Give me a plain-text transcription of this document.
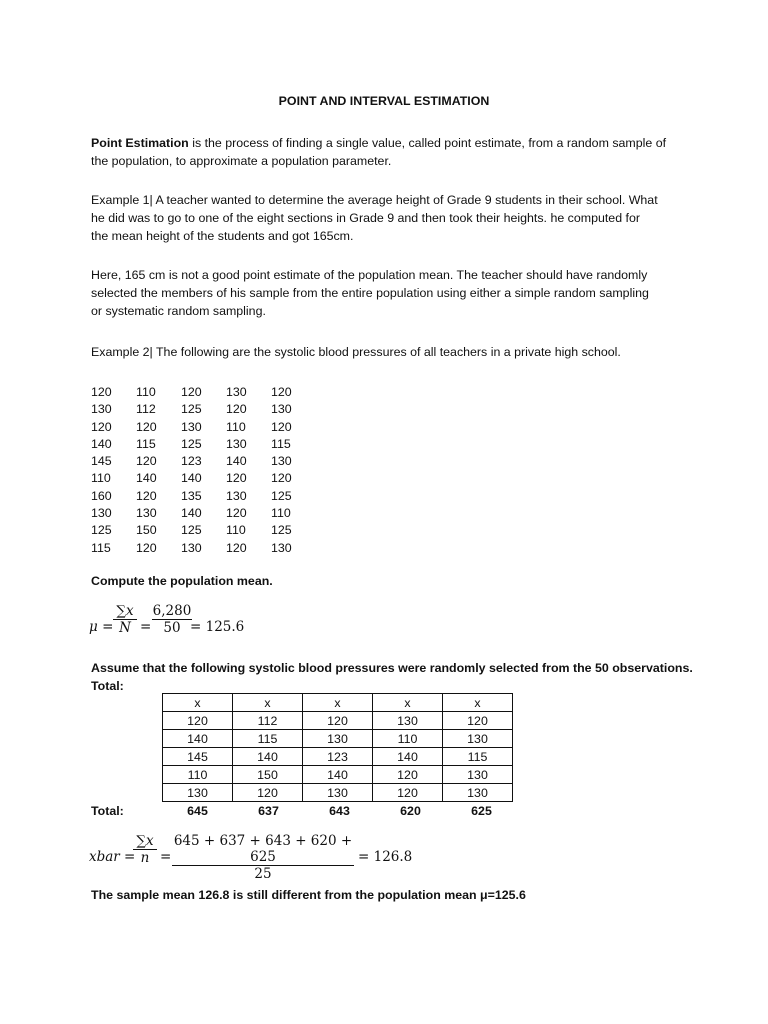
POINT AND INTERVAL ESTIMATION
Point Estimation is the process of finding a single value, called point estimate, from a random sample of
the population, to approximate a population parameter.
Example 1| A teacher wanted to determine the average height of Grade 9 students in their school. What
he did was to go to one of the eight sections in Grade 9 and then took their heights. he computed for
the mean height of the students and got 165cm.
Here, 165 cm is not a good point estimate of the population mean. The teacher should have randomly
selected the members of his sample from the entire population using either a simple random sampling
or systematic random sampling.
Example 2| The following are the systolic blood pressures of all teachers in a private high school.
120	110	120	130	120
130	112	125	120	130
120	120	130	110	120
140	115	125	130	115
145	120	123	140	130
110	140	140	120	120
160	120	135	130	125
130	130	140	120	110
125	150	125	110	125
115	120	130	120	130
Compute the population mean.
$\mu = \frac{\sum x}{N} = \frac{6,280}{50}$
= 125.6
Assume that the following systolic blood pressures were randomly selected from the 50 observations.
Total:
x	x	x	x	x
120	112	120	130	120
140	115	130	110	130
145	140	123	140	115
110	150	140	120	130
130	120	130	120	130
Total:	645	637	643	620	625
xbar =
$\frac{\sum x}{n} = \frac{645 + 637 + 643 + 620 + 625}{25} = 126.8$
The sample mean 126.8 is still different from the population mean μ=125.6
